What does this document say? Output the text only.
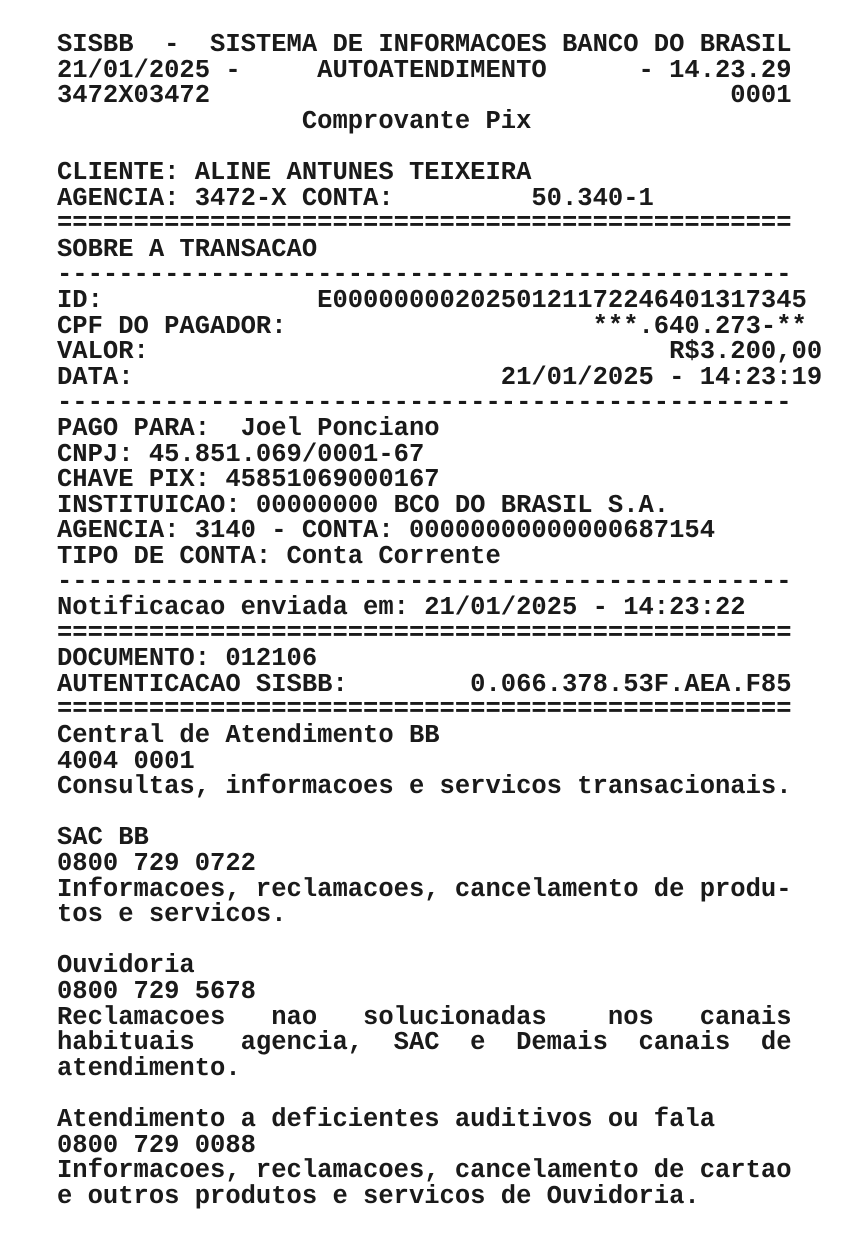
SISBB  -  SISTEMA DE INFORMACOES BANCO DO BRASIL
21/01/2025 -     AUTOATENDIMENTO      - 14.23.29
3472X03472                                  0001
Comprovante Pix
CLIENTE: ALINE ANTUNES TEIXEIRA
AGENCIA: 3472-X CONTA:         50.340-1
================================================
SOBRE A TRANSACAO
------------------------------------------------
ID:              E0000000020250121172246401317345
CPF DO PAGADOR:                    ***.640.273-**
VALOR:                                  R$3.200,00
DATA:                        21/01/2025 - 14:23:19
------------------------------------------------
PAGO PARA:  Joel Ponciano
CNPJ: 45.851.069/0001-67
CHAVE PIX: 45851069000167
INSTITUICAO: 00000000 BCO DO BRASIL S.A.
AGENCIA: 3140 - CONTA: 00000000000000687154
TIPO DE CONTA: Conta Corrente
------------------------------------------------
Notificacao enviada em: 21/01/2025 - 14:23:22
================================================
DOCUMENTO: 012106
AUTENTICACAO SISBB:        0.066.378.53F.AEA.F85
================================================
Central de Atendimento BB
4004 0001
Consultas, informacoes e servicos transacionais.
SAC BB
0800 729 0722
Informacoes, reclamacoes, cancelamento de produ-
tos e servicos.
Ouvidoria
0800 729 5678
Reclamacoes   nao   solucionadas    nos   canais
habituais   agencia,  SAC  e  Demais  canais  de
atendimento.
Atendimento a deficientes auditivos ou fala
0800 729 0088
Informacoes, reclamacoes, cancelamento de cartao
e outros produtos e servicos de Ouvidoria.
